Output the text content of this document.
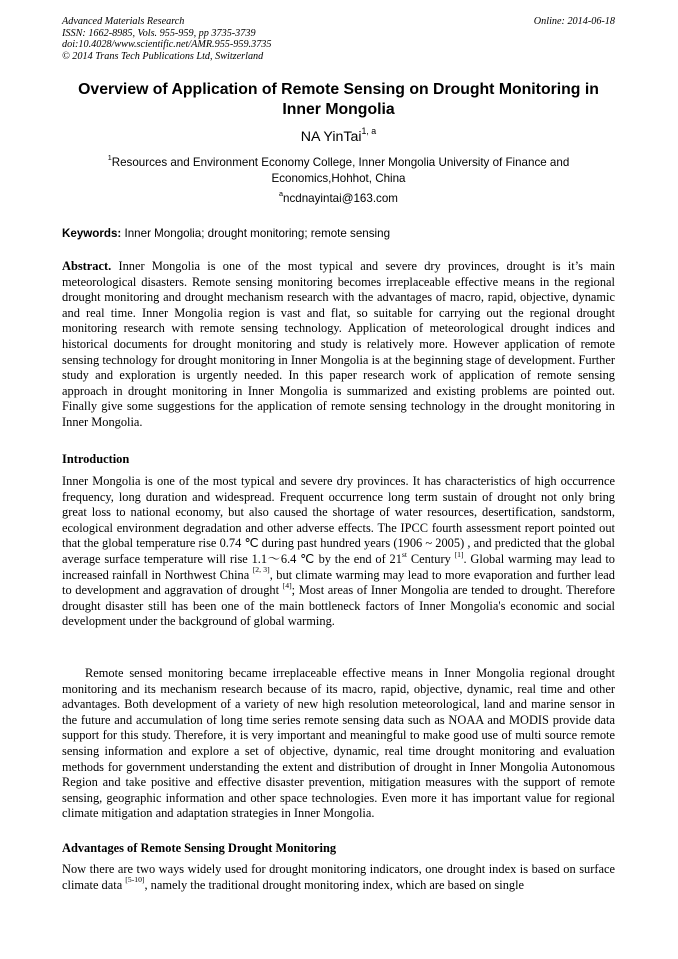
Advanced Materials Research
ISSN: 1662-8985, Vols. 955-959, pp 3735-3739
doi:10.4028/www.scientific.net/AMR.955-959.3735
© 2014 Trans Tech Publications Ltd, Switzerland
Online: 2014-06-18
Overview of Application of Remote Sensing on Drought Monitoring in Inner Mongolia
NA YinTai$^{1, a}$
$^1$Resources and Environment Economy College, Inner Mongolia University of Finance and Economics,Hohhot, China
$^a$ncdnayintai@163.com
Keywords: Inner Mongolia; drought monitoring; remote sensing
Abstract. Inner Mongolia is one of the most typical and severe dry provinces, drought is it’s main meteorological disasters. Remote sensing monitoring becomes irreplaceable effective means in the regional drought monitoring and drought mechanism research with the advantages of macro, rapid, objective, dynamic and real time. Inner Mongolia region is vast and flat, so suitable for carrying out the regional drought monitoring research with remote sensing technology. Application of meteorological drought indices and historical documents for drought monitoring and study is relatively more. However application of remote sensing technology for drought monitoring in Inner Mongolia is at the beginning stage of development. Further study and exploration is urgently needed. In this paper research work of application of remote sensing approach in drought monitoring in Inner Mongolia is summarized and existing problems are pointed out. Finally give some suggestions for the application of remote sensing technology in the drought monitoring in Inner Mongolia.
Introduction
Inner Mongolia is one of the most typical and severe dry provinces. It has characteristics of high occurrence frequency, long duration and widespread. Frequent occurrence long term sustain of drought not only bring great loss to national economy, but also caused the shortage of water resources, desertification, sandstorm, ecological environment degradation and other adverse effects. The IPCC fourth assessment report pointed out that the global temperature rise 0.74 ℃ during past hundred years (1906 ~ 2005) , and predicted that the global average surface temperature will rise 1.1～6.4 ℃ by the end of 21st Century [1]. Global warming may lead to increased rainfall in Northwest China [2, 3], but climate warming may lead to more evaporation and further lead to development and aggravation of drought [4]; Most areas of Inner Mongolia are tended to drought. Therefore drought disaster still has been one of the main bottleneck factors of Inner Mongolia's economic and social development under the background of global warming.
Remote sensed monitoring became irreplaceable effective means in Inner Mongolia regional drought monitoring and its mechanism research because of its macro, rapid, objective, dynamic, real time and other advantages. Both development of a variety of new high resolution meteorological, land and marine sensor in the future and accumulation of long time series remote sensing data such as NOAA and MODIS provide data support for this study. Therefore, it is very important and meaningful to make good use of multi source remote sensing information and explore a set of objective, dynamic, real time drought monitoring and evaluation methods for government understanding the extent and distribution of drought in Inner Mongolia Autonomous Region and take positive and effective disaster prevention, mitigation measures with the support of remote sensing, geographic information and other space technologies. Even more it has important value for regional climate mitigation and adaptation strategies in Inner Mongolia.
Advantages of Remote Sensing Drought Monitoring
Now there are two ways widely used for drought monitoring indicators, one drought index is based on surface climate data [5-10], namely the traditional drought monitoring index, which are based on single
